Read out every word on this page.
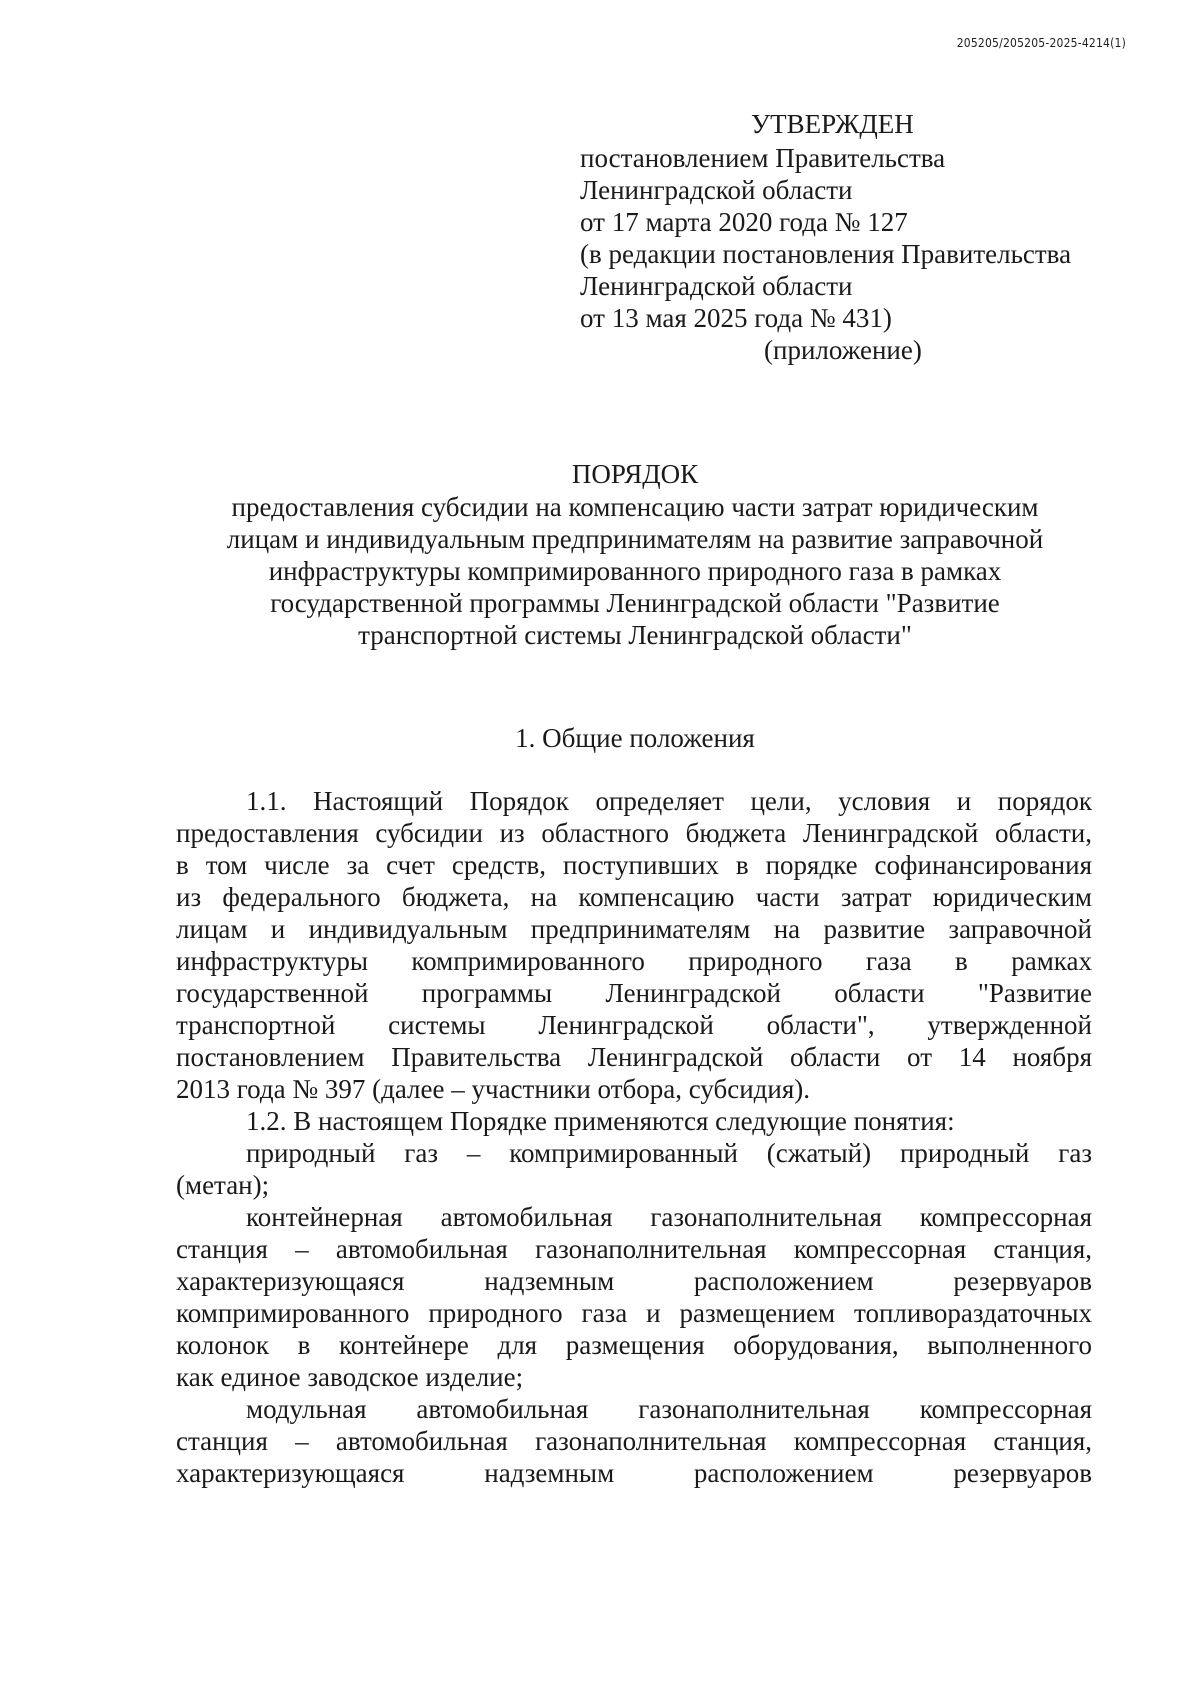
205205/205205-2025-4214(1)
УТВЕРЖДЕН
постановлением Правительства
Ленинградской области
от 17 марта 2020 года № 127
(в редакции постановления Правительства
Ленинградской области
от 13 мая 2025 года № 431)
(приложение)
ПОРЯДОК
предоставления субсидии на компенсацию части затрат юридическим
лицам и индивидуальным предпринимателям на развитие заправочной
инфраструктуры компримированного природного газа в рамках
государственной программы Ленинградской области "Развитие
транспортной системы Ленинградской области"
1. Общие положения

1.1. Настоящий Порядок определяет цели, условия и порядок
предоставления субсидии из областного бюджета Ленинградской области,
в том числе за счет средств, поступивших в порядке софинансирования
из федерального бюджета, на компенсацию части затрат юридическим
лицам и индивидуальным предпринимателям на развитие заправочной
инфраструктуры компримированного природного газа в рамках
государственной программы Ленинградской области "Развитие
транспортной системы Ленинградской области", утвержденной
постановлением Правительства Ленинградской области от 14 ноября
2013 года № 397 (далее – участники отбора, субсидия).

1.2. В настоящем Порядке применяются следующие понятия:

природный газ – компримированный (сжатый) природный газ
(метан);

контейнерная автомобильная газонаполнительная компрессорная
станция – автомобильная газонаполнительная компрессорная станция,
характеризующаяся надземным расположением резервуаров
компримированного природного газа и размещением топливораздаточных
колонок в контейнере для размещения оборудования, выполненного
как единое заводское изделие;

модульная автомобильная газонаполнительная компрессорная
станция – автомобильная газонаполнительная компрессорная станция,
характеризующаяся надземным расположением резервуаров
